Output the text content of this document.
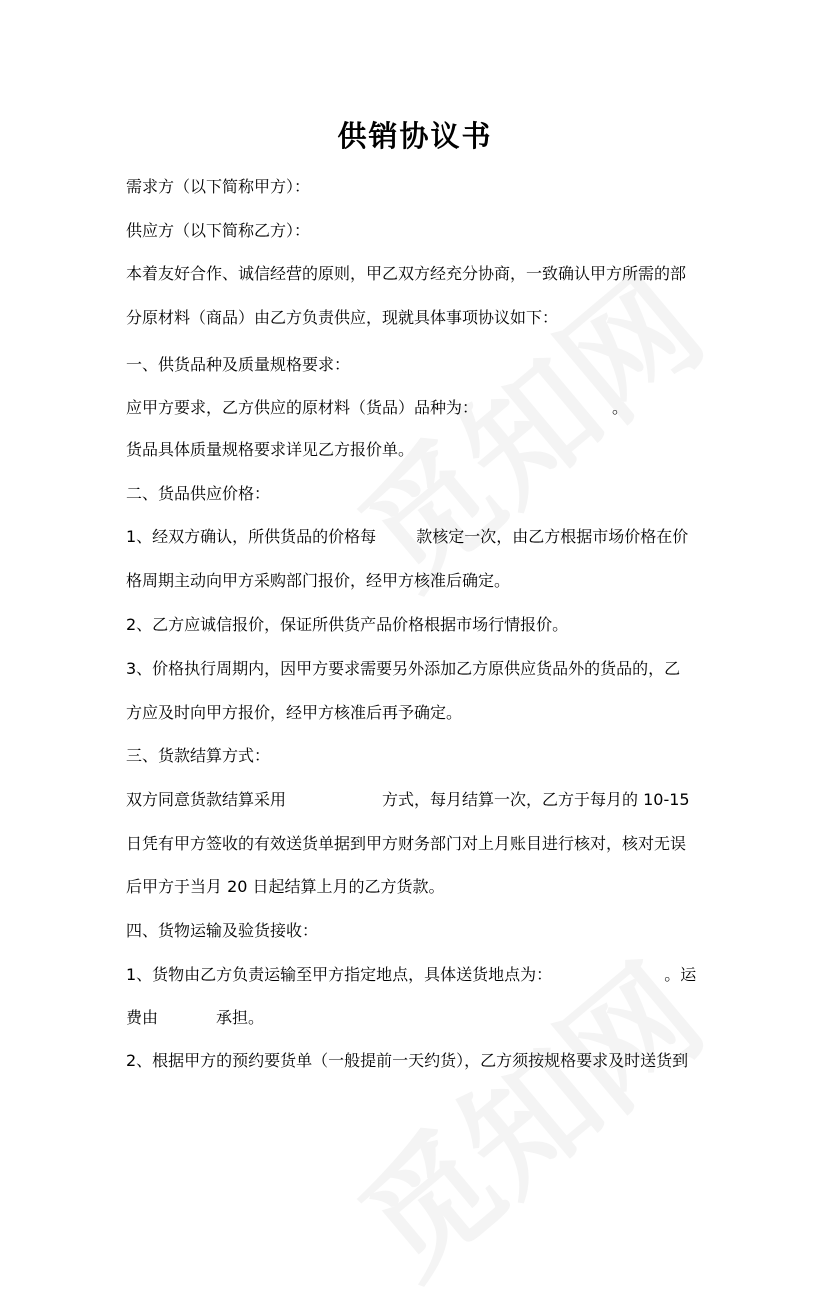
供销协议书
需求方（以下简称甲方）：
供应方（以下简称乙方）：
本着友好合作、诚信经营的原则，甲乙双方经充分协商，一致确认甲方所需的部
分原材料（商品）由乙方负责供应，现就具体事项协议如下：
一、供货品种及质量规格要求：
应甲方要求，乙方供应的原材料（货品）品种为：	。
货品具体质量规格要求详见乙方报价单。
二、货品供应价格：
1、经双方确认，所供货品的价格每	款核定一次，由乙方根据市场价格在价
格周期主动向甲方采购部门报价，经甲方核准后确定。
2、乙方应诚信报价，保证所供货产品价格根据市场行情报价。
3、价格执行周期内，因甲方要求需要另外添加乙方原供应货品外的货品的，乙
方应及时向甲方报价，经甲方核准后再予确定。
三、货款结算方式：
双方同意货款结算采用	方式，每月结算一次，乙方于每月的 10-15
日凭有甲方签收的有效送货单据到甲方财务部门对上月账目进行核对，核对无误
后甲方于当月 20 日起结算上月的乙方货款。
四、货物运输及验货接收：
1、货物由乙方负责运输至甲方指定地点，具体送货地点为：	。运
费由	承担。
2、根据甲方的预约要货单（一般提前一天约货），乙方须按规格要求及时送货到
